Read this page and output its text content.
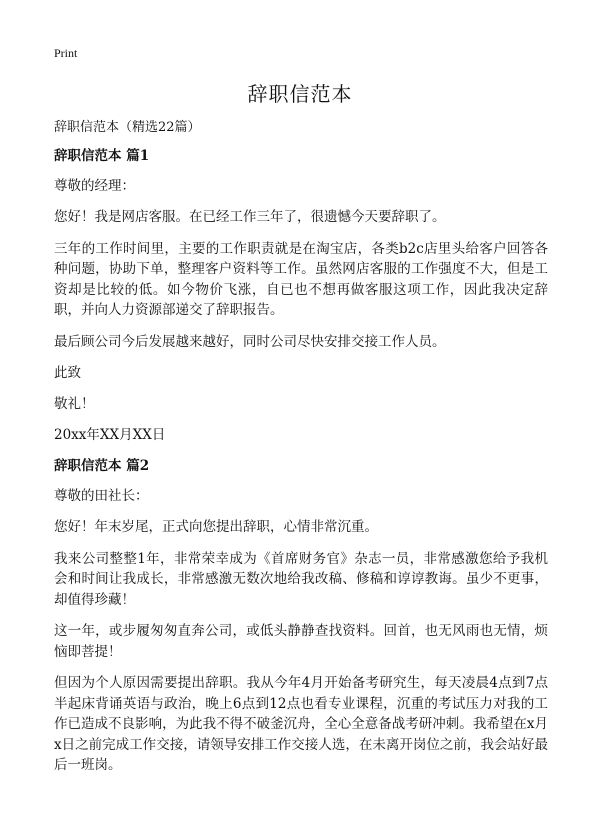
Print
辞职信范本
辞职信范本（精选22篇）
辞职信范本 篇1
尊敬的经理：
您好！我是网店客服。在已经工作三年了，很遗憾今天要辞职了。
三年的工作时间里，主要的工作职责就是在淘宝店，各类b2c店里头给客户回答各种问题，协助下单，整理客户资料等工作。虽然网店客服的工作强度不大，但是工资却是比较的低。如今物价飞涨，自已也不想再做客服这项工作，因此我决定辞职，并向人力资源部递交了辞职报告。
最后顾公司今后发展越来越好，同时公司尽快安排交接工作人员。
此致
敬礼！
20xx年XX月XX日
辞职信范本 篇2
尊敬的田社长：
您好！年末岁尾，正式向您提出辞职，心情非常沉重。
我来公司整整1年，非常荣幸成为《首席财务官》杂志一员，非常感激您给予我机会和时间让我成长，非常感激无数次地给我改稿、修稿和谆谆教诲。虽少不更事，却值得珍藏！
这一年，或步履匆匆直奔公司，或低头静静查找资料。回首，也无风雨也无情，烦恼即菩提！
但因为个人原因需要提出辞职。我从今年4月开始备考研究生，每天凌晨4点到7点半起床背诵英语与政治，晚上6点到12点也看专业课程，沉重的考试压力对我的工作已造成不良影响，为此我不得不破釜沉舟，全心全意备战考研冲刺。我希望在x月x日之前完成工作交接，请领导安排工作交接人选，在未离开岗位之前，我会站好最后一班岗。
